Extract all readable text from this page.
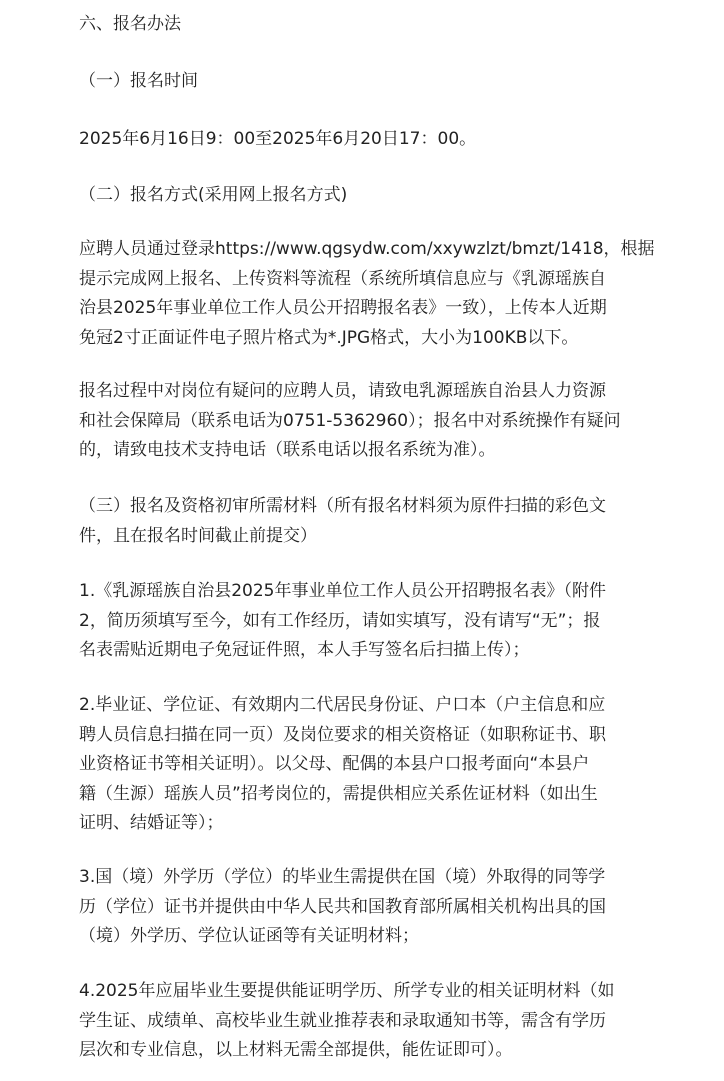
六、报名办法
（一）报名时间
2025年6月16日9：00至2025年6月20日17：00。
（二）报名方式(采用网上报名方式)
应聘人员通过登录https://www.qgsydw.com/xxywzlzt/bmzt/1418，根据
提示完成网上报名、上传资料等流程（系统所填信息应与《乳源瑶族自
治县2025年事业单位工作人员公开招聘报名表》一致），上传本人近期
免冠2寸正面证件电子照片格式为*.JPG格式，大小为100KB以下。
报名过程中对岗位有疑问的应聘人员，请致电乳源瑶族自治县人力资源
和社会保障局（联系电话为0751-5362960）；报名中对系统操作有疑问
的，请致电技术支持电话（联系电话以报名系统为准）。
（三）报名及资格初审所需材料（所有报名材料须为原件扫描的彩色文
件，且在报名时间截止前提交）
1.《乳源瑶族自治县2025年事业单位工作人员公开招聘报名表》（附件
2，简历须填写至今，如有工作经历，请如实填写，没有请写“无”；报
名表需贴近期电子免冠证件照，本人手写签名后扫描上传）；
2.毕业证、学位证、有效期内二代居民身份证、户口本（户主信息和应
聘人员信息扫描在同一页）及岗位要求的相关资格证（如职称证书、职
业资格证书等相关证明）。以父母、配偶的本县户口报考面向“本县户
籍（生源）瑶族人员”招考岗位的，需提供相应关系佐证材料（如出生
证明、结婚证等）；
3.国（境）外学历（学位）的毕业生需提供在国（境）外取得的同等学
历（学位）证书并提供由中华人民共和国教育部所属相关机构出具的国
（境）外学历、学位认证函等有关证明材料；
4.2025年应届毕业生要提供能证明学历、所学专业的相关证明材料（如
学生证、成绩单、高校毕业生就业推荐表和录取通知书等，需含有学历
层次和专业信息，以上材料无需全部提供，能佐证即可）。
